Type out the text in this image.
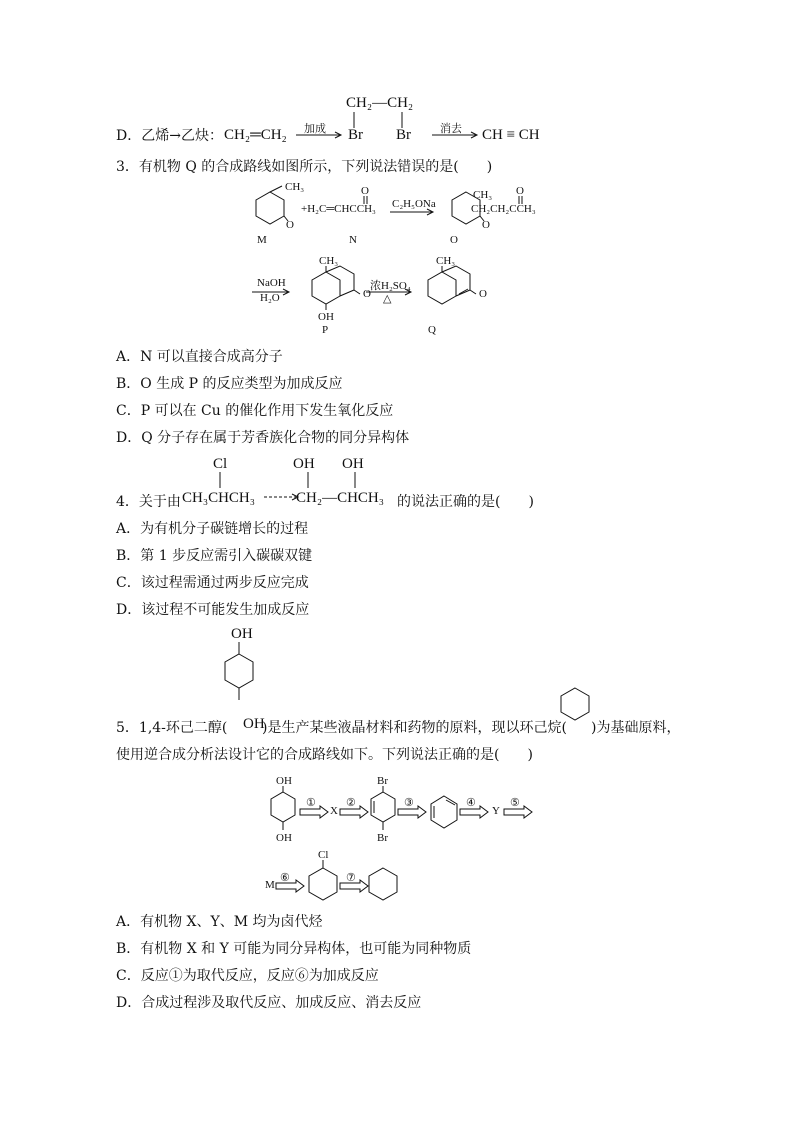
D．乙烯→乙炔： CH₂═CH₂ 加成
CH₂—CH₂
Br Br	消去 → CH ≡ CH
3．有机物 Q 的合成路线如图所示，下列说法错误的是(　　)
CH₃
O
M
+H₂C═CHCCH₃
O
N
C₂H₅ONa
CH₃
CH₂CH₂CCH₃
O
O
O
NaOH
H₂O
CH₃
OH
O
P
浓H₂SO₄
△
CH₃
O
Q
A．N 可以直接合成高分子
B．O 生成 P 的反应类型为加成反应
C．P 可以在 Cu 的催化作用下发生氧化反应
D．Q 分子存在属于芳香族化合物的同分异构体
4．关于由
Cl
CH₃CHCH₃
OH OH
CH₂—CHCH₃ 的说法正确的是(　　)
A．为有机分子碳链增长的过程
B．第 1 步反应需引入碳碳双键
C．该过程需通过两步反应完成
D．该过程不可能发生加成反应
5．1,4-环己二醇(
OH
OH
)是生产某些液晶材料和药物的原料，现以环己烷( )为基础原料，
使用逆合成分析法设计它的合成路线如下。下列说法正确的是(　　)
OH
OH
①
X
②
Br
Br
③	④
Y
⑤
M
⑥
Cl
⑦
A．有机物 X、Y、M 均为卤代烃
B．有机物 X 和 Y 可能为同分异构体，也可能为同种物质
C．反应①为取代反应，反应⑥为加成反应
D．合成过程涉及取代反应、加成反应、消去反应
